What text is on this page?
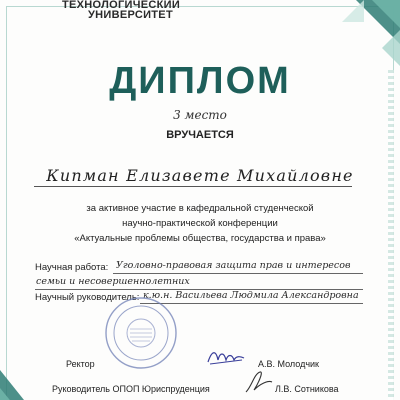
ТЕХНОЛОГИЧЕСКИЙ
УНИВЕРСИТЕТ
ДИПЛОМ
3 место
ВРУЧАЕТСЯ
Кипман Елизавете Михайловне
за активное участие в кафедральной студенческой
научно-практической конференции
«Актуальные проблемы общества, государства и права»
Научная работа: Уголовно-правовая защита прав и интересов
семьи и несовершеннолетних
Научный руководитель: к.ю.н. Васильева Людмила Александровна
Ректор	А.В. Молодчик
Руководитель ОПОП Юриспруденция	Л.В. Сотникова
